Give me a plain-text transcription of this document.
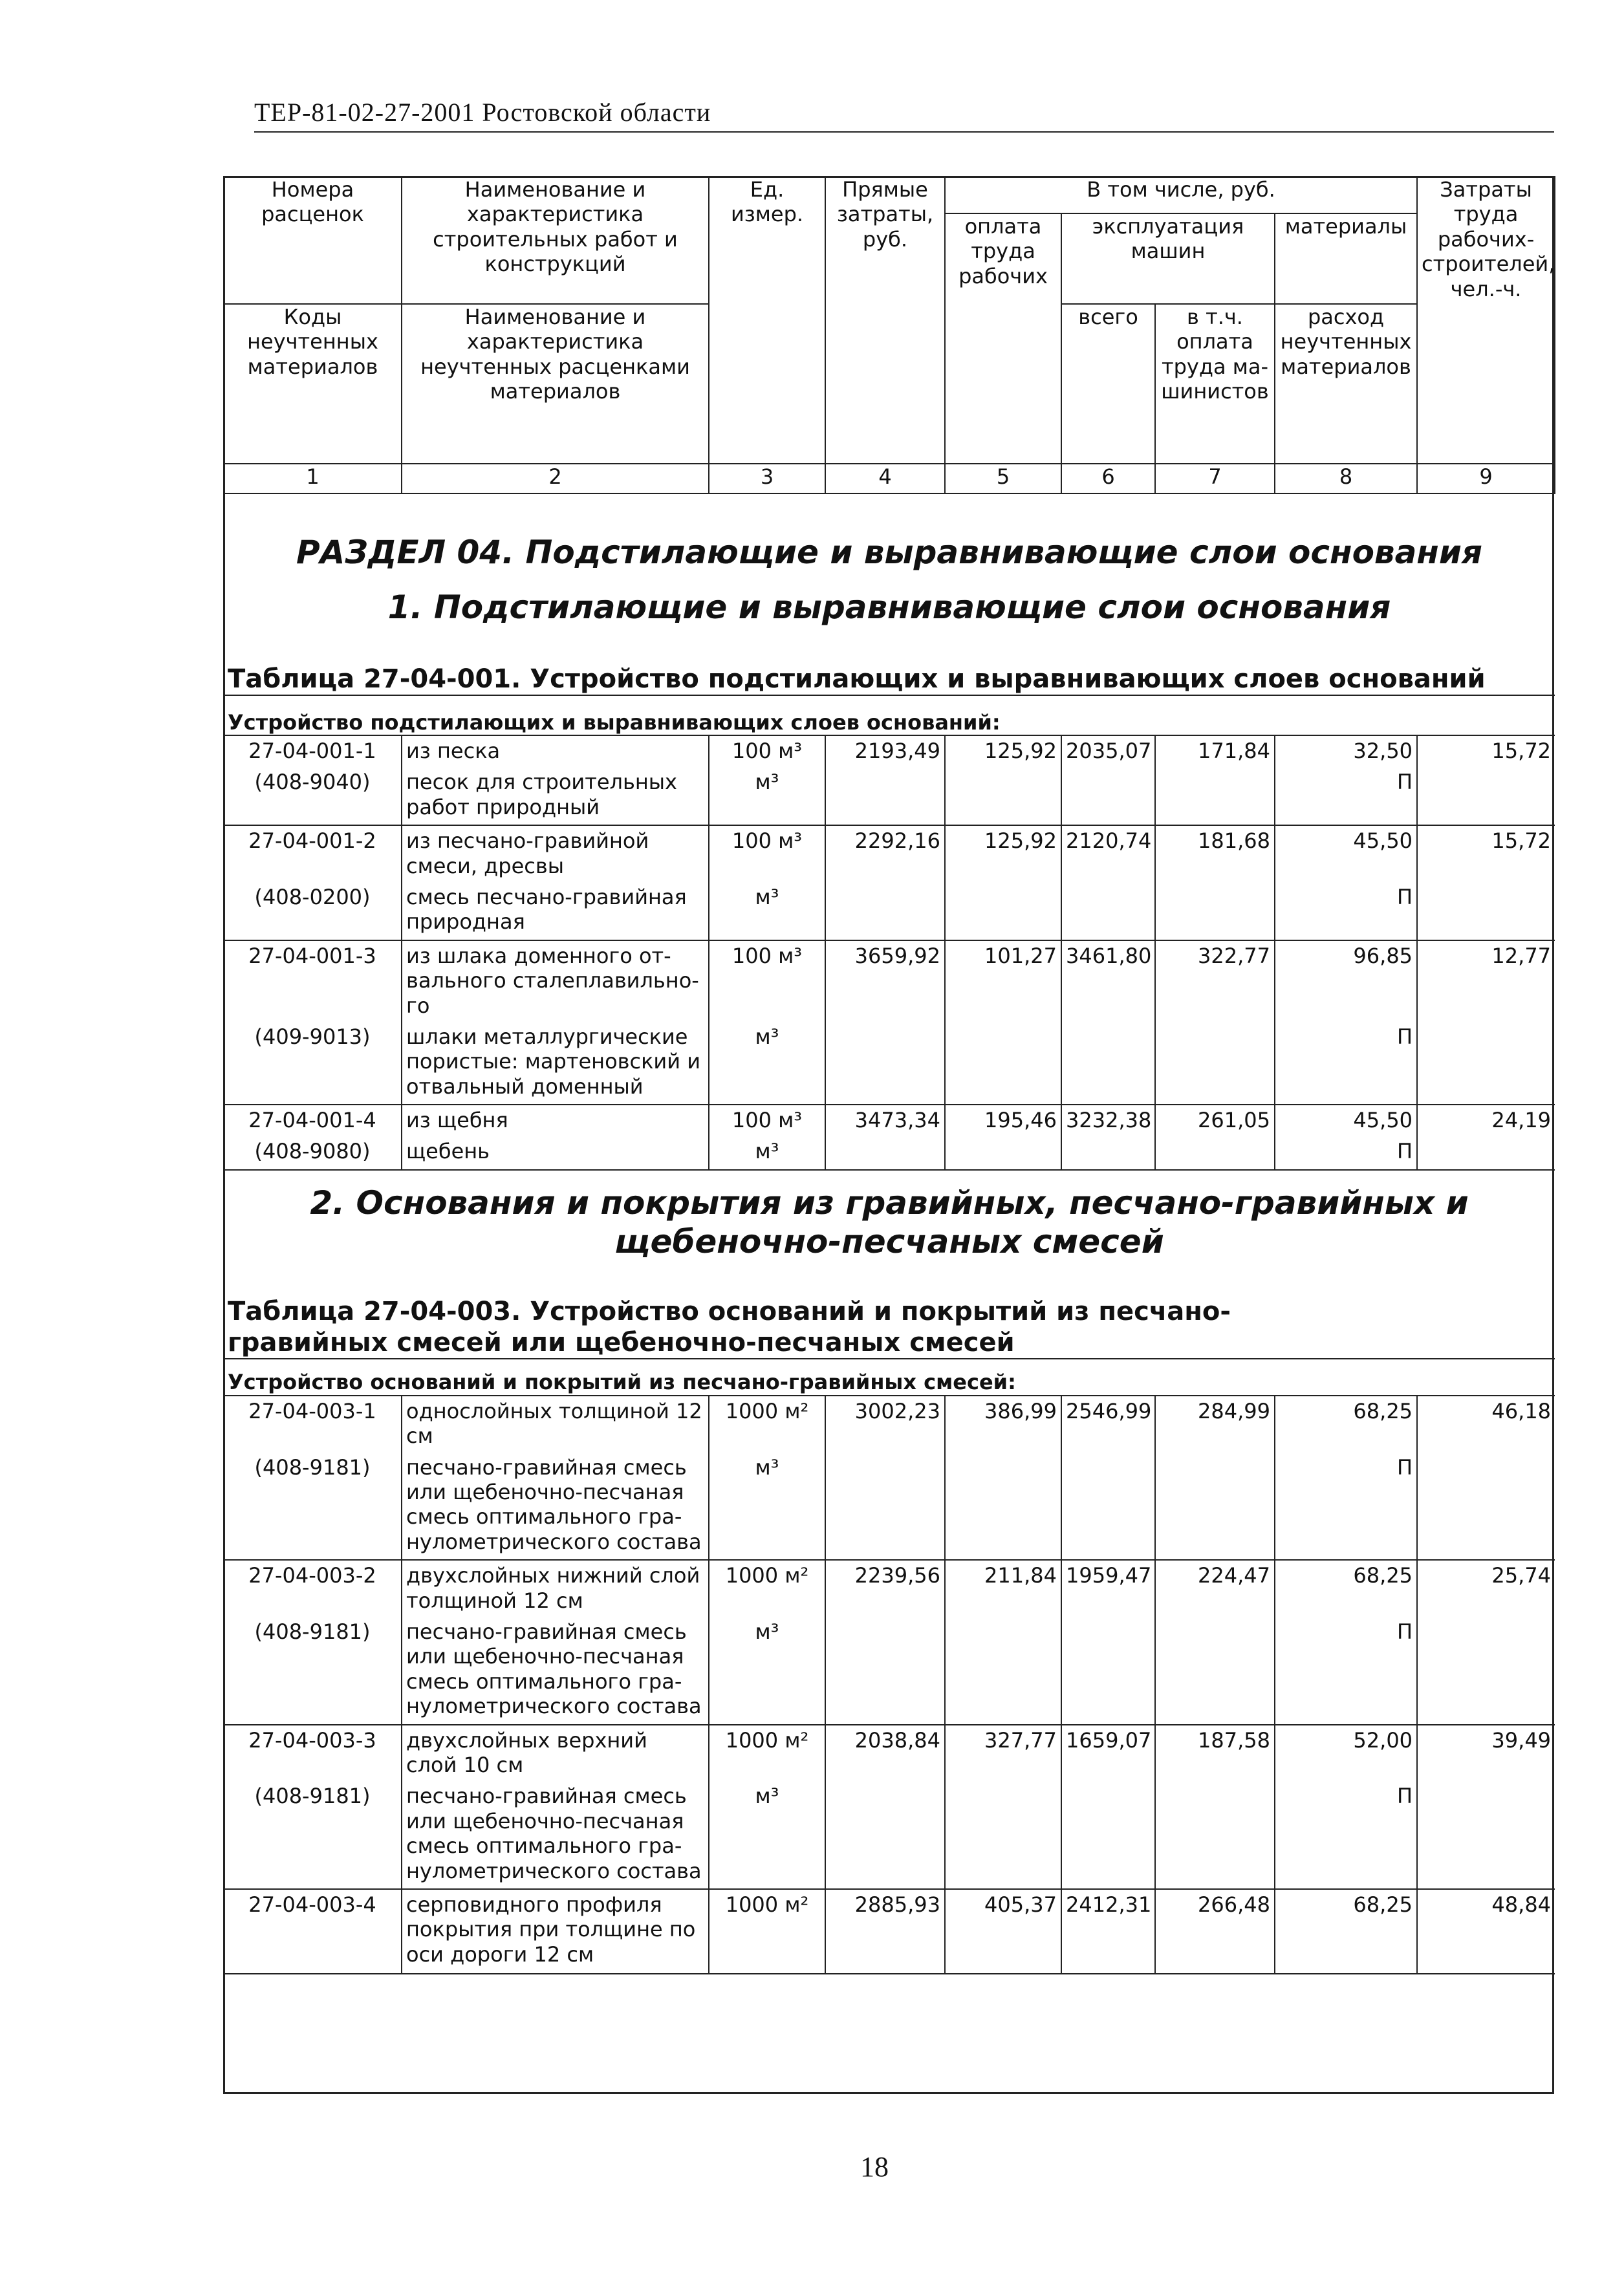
ТЕР-81-02-27-2001 Ростовской области
Номера расценок	Наименование и характеристика строительных работ и конструкций	Ед. измер.	Прямые затраты, руб.	В том числе, руб.				Затраты труда рабочих-строителей, чел.-ч.
				оплата труда рабочих	эксплуатация машин		материалы	
Коды неучтенных материалов	Наименование и характеристика неучтенных расценками материалов				всего	в т.ч. оплата труда ма-шинистов	расход неучтенных материалов	

1	2	3	4	5	6	7	8	9
РАЗДЕЛ 04. Подстилающие и выравнивающие слои основания								
1. Подстилающие и выравнивающие слои основания								
Таблица 27-04-001. Устройство подстилающих и выравнивающих слоев оснований								
Устройство подстилающих и выравнивающих слоев оснований:								
27-04-001-1	из песка	100 м³	2193,49	125,92	2035,07	171,84	32,50	15,72
(408-9040)	песок для строительных работ природный	м³					П	
27-04-001-2	из песчано-гравийной смеси, дресвы	100 м³	2292,16	125,92	2120,74	181,68	45,50	15,72
(408-0200)	смесь песчано-гравийная природная	м³					П	
27-04-001-3	из шлака доменного от-вального сталеплавильно-го	100 м³	3659,92	101,27	3461,80	322,77	96,85	12,77
(409-9013)	шлаки металлургические пористые: мартеновский и отвальный доменный	м³					П	
27-04-001-4	из щебня	100 м³	3473,34	195,46	3232,38	261,05	45,50	24,19
(408-9080)	щебень	м³					П	
2. Основания и покрытия из гравийных, песчано-гравийных и щебеночно-песчаных смесей								
Таблица 27-04-003. Устройство оснований и покрытий из песчано-гравийных смесей или щебеночно-песчаных смесей								
Устройство оснований и покрытий из песчано-гравийных смесей:								
27-04-003-1	однослойных толщиной 12 см	1000 м²	3002,23	386,99	2546,99	284,99	68,25	46,18
(408-9181)	песчано-гравийная смесь или щебеночно-песчаная смесь оптимального гра-нулометрического состава	м³					П	
27-04-003-2	двухслойных нижний слой толщиной 12 см	1000 м²	2239,56	211,84	1959,47	224,47	68,25	25,74
(408-9181)	песчано-гравийная смесь или щебеночно-песчаная смесь оптимального гра-нулометрического состава	м³					П	
27-04-003-3	двухслойных верхний слой 10 см	1000 м²	2038,84	327,77	1659,07	187,58	52,00	39,49
(408-9181)	песчано-гравийная смесь или щебеночно-песчаная смесь оптимального гра-нулометрического состава	м³					П	
27-04-003-4	серповидного профиля покрытия при толщине по оси дороги 12 см	1000 м²	2885,93	405,37	2412,31	266,48	68,25	48,84
18
